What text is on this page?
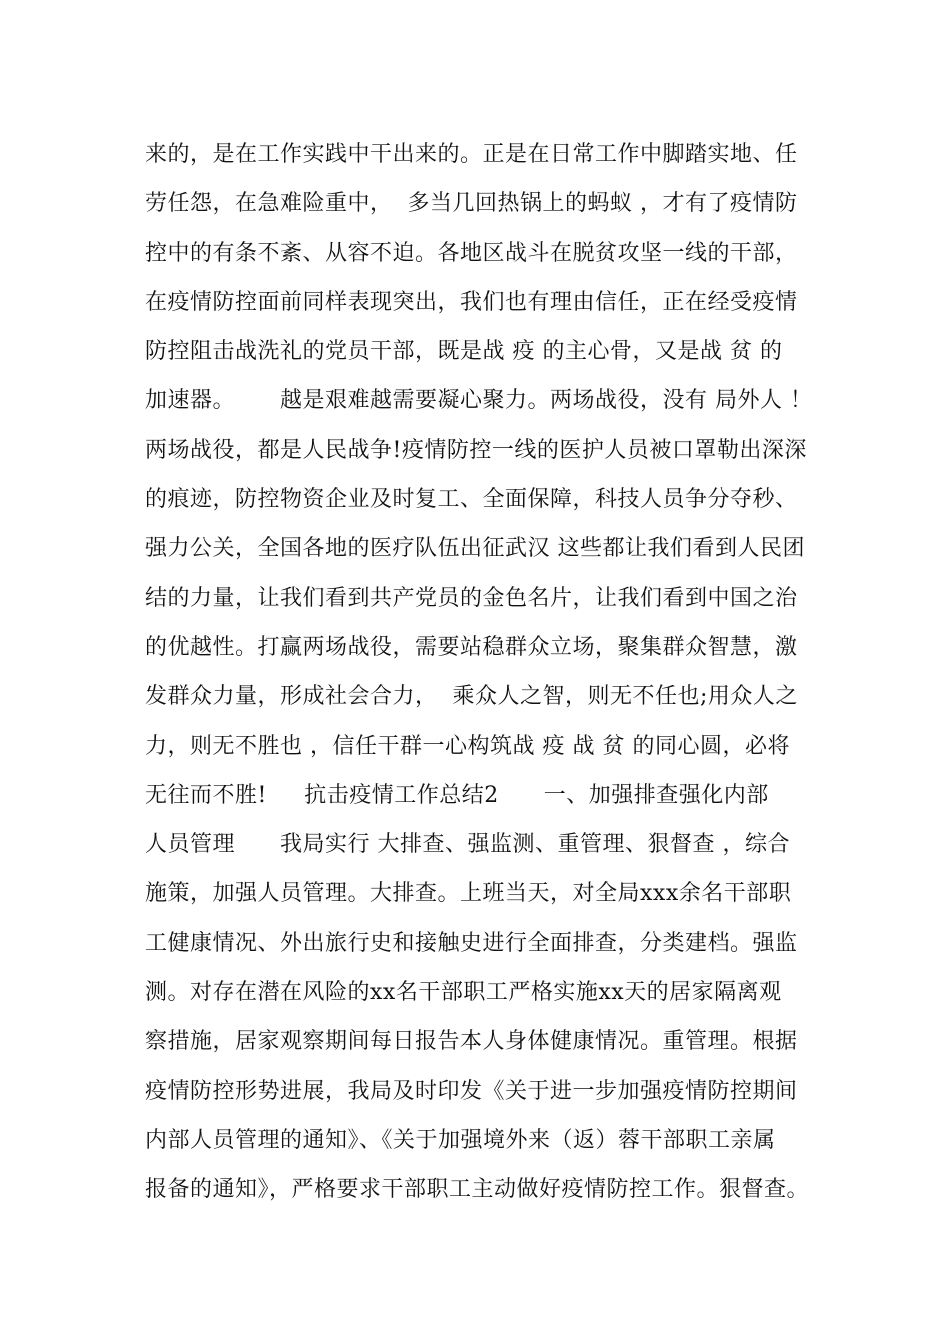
来的，是在工作实践中干出来的。正是在日常工作中脚踏实地、任
劳任怨，在急难险重中，  多当几回热锅上的蚂蚁 ，才有了疫情防
控中的有条不紊、从容不迫。各地区战斗在脱贫攻坚一线的干部，
在疫情防控面前同样表现突出，我们也有理由信任，正在经受疫情
防控阻击战洗礼的党员干部，既是战 疫 的主心骨，又是战 贫 的
加速器。      越是艰难越需要凝心聚力。两场战役，没有 局外人 ！
两场战役，都是人民战争!疫情防控一线的医护人员被口罩勒出深深
的痕迹，防控物资企业及时复工、全面保障，科技人员争分夺秒、
强力公关，全国各地的医疗队伍出征武汉 这些都让我们看到人民团
结的力量，让我们看到共产党员的金色名片，让我们看到中国之治
的优越性。打赢两场战役，需要站稳群众立场，聚集群众智慧，激
发群众力量，形成社会合力，  乘众人之智，则无不任也;用众人之
力，则无不胜也 ，信任干群一心构筑战 疫 战 贫 的同心圆，必将
无往而不胜!     抗击疫情工作总结2      一、加强排查强化内部
人员管理      我局实行 大排查、强监测、重管理、狠督查 ，综合
施策，加强人员管理。大排查。上班当天，对全局xxx余名干部职
工健康情况、外出旅行史和接触史进行全面排查，分类建档。强监
测。对存在潜在风险的xx名干部职工严格实施xx天的居家隔离观
察措施，居家观察期间每日报告本人身体健康情况。重管理。根据
疫情防控形势进展，我局及时印发《关于进一步加强疫情防控期间
内部人员管理的通知》、《关于加强境外来（返）蓉干部职工亲属
报备的通知》，严格要求干部职工主动做好疫情防控工作。狠督查。
